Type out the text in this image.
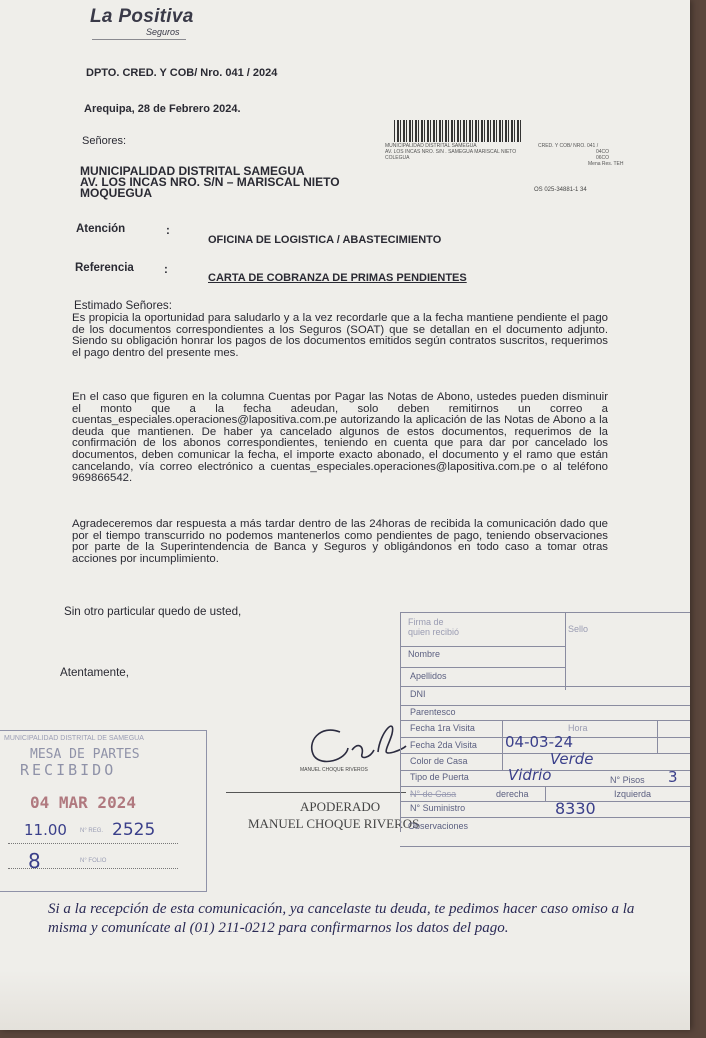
La Positiva
Seguros
DPTO. CRED. Y COB/ Nro. 041 / 2024
Arequipa, 28 de Febrero 2024.
Señores:
MUNICIPALIDAD DISTRITAL SAMEGUA
AV. LOS INCAS NRO. S/N – MARISCAL NIETO
MOQUEGUA
MUNICIPALIDAD DISTRITAL SAMEGUA
AV. LOS INCAS NRO. S/N . SAMEGUA MARISCAL NIETO
COLEGUA
CRED. Y COB/ NRO. 041 /
04CO
06CO
Mena Res. TEH
OS 025-34881-1 34
Atención	:
OFICINA DE LOGISTICA / ABASTECIMIENTO
Referencia	:
CARTA DE COBRANZA DE PRIMAS PENDIENTES
Estimado Señores:

Es propicia la oportunidad para saludarlo y a la vez recordarle que a la fecha mantiene pendiente el pago de los documentos correspondientes a los Seguros (SOAT) que se detallan en el documento adjunto. Siendo su obligación honrar los pagos de los documentos emitidos según contratos suscritos, requerimos el pago dentro del presente mes.

En el caso que figuren en la columna Cuentas por Pagar las Notas de Abono, ustedes pueden disminuir el monto que a la fecha adeudan, solo deben remitirnos un correo a cuentas_especiales.operaciones@lapositiva.com.pe autorizando la aplicación de las Notas de Abono a la deuda que mantienen. De haber ya cancelado algunos de estos documentos, requerimos de la confirmación de los abonos correspondientes, teniendo en cuenta que para dar por cancelado los documentos, deben comunicar la fecha, el importe exacto abonado, el documento y el ramo que están cancelando, vía correo electrónico a cuentas_especiales.operaciones@lapositiva.com.pe o al teléfono 969866542.

Agradeceremos dar respuesta a más tardar dentro de las 24horas de recibida la comunicación dado que por el tiempo transcurrido no podemos mantenerlos como pendientes de pago, teniendo observaciones por parte de la Superintendencia de Banca y Seguros y obligándonos en todo caso a tomar otras acciones por incumplimiento.

Sin otro particular quedo de usted,
Atentamente,
MANUEL CHOQUE RIVEROS
APODERADO
MANUEL CHOQUE RIVEROS
Firma de quien recibió	Sello
Nombre
Apellidos
DNI
Parentesco
Fecha 1ra Visita	Hora
Fecha 2da Visita 04-03-24
Color de Casa	Verde
Tipo de Puerta	Vidrio	N° Pisos 3
N° de Casa	derecha	Izquierda
N° Suministro	8330
Observaciones
MUNICIPALIDAD DISTRITAL DE SAMEGUA
MESA DE PARTES
RECIBIDO
04 MAR 2024
11.00 N° REG. 2525
8	N° FOLIO
Si a la recepción de esta comunicación, ya cancelaste tu deuda, te pedimos hacer caso omiso a la misma y comunícate al (01) 211-0212 para confirmarnos los datos del pago.
